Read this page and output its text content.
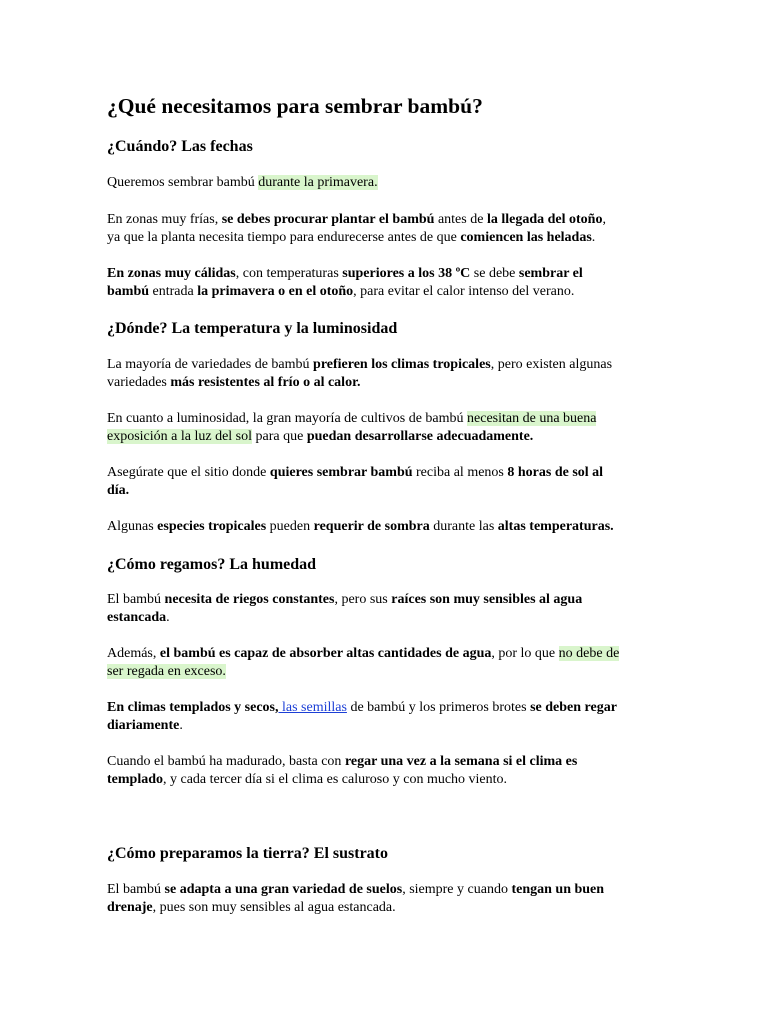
¿Qué necesitamos para sembrar bambú?
¿Cuándo? Las fechas

Queremos sembrar bambú durante la primavera.

En zonas muy frías, se debes procurar plantar el bambú antes de la llegada del otoño,

ya que la planta necesita tiempo para endurecerse antes de que comiencen las heladas.

En zonas muy cálidas, con temperaturas superiores a los 38 ºC se debe sembrar el

bambú entrada la primavera o en el otoño, para evitar el calor intenso del verano.

¿Dónde? La temperatura y la luminosidad

La mayoría de variedades de bambú prefieren los climas tropicales, pero existen algunas

variedades más resistentes al frío o al calor.

En cuanto a luminosidad, la gran mayoría de cultivos de bambú necesitan de una buena

exposición a la luz del sol para que puedan desarrollarse adecuadamente.

Asegúrate que el sitio donde quieres sembrar bambú reciba al menos 8 horas de sol al

día.

Algunas especies tropicales pueden requerir de sombra durante las altas temperaturas.

¿Cómo regamos? La humedad

El bambú necesita de riegos constantes, pero sus raíces son muy sensibles al agua

estancada.

Además, el bambú es capaz de absorber altas cantidades de agua, por lo que no debe de

ser regada en exceso.

En climas templados y secos, las semillas de bambú y los primeros brotes se deben regar

diariamente.

Cuando el bambú ha madurado, basta con regar una vez a la semana si el clima es

templado, y cada tercer día si el clima es caluroso y con mucho viento.

¿Cómo preparamos la tierra? El sustrato

El bambú se adapta a una gran variedad de suelos, siempre y cuando tengan un buen

drenaje, pues son muy sensibles al agua estancada.
